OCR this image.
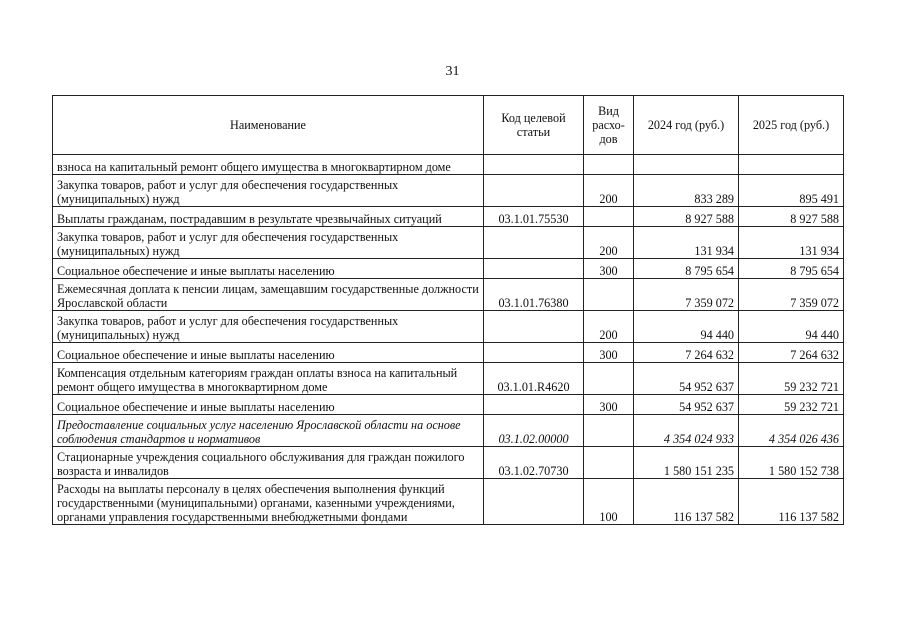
31
Наименование	Код целевой статьи	Вид расхо-дов	2024 год (руб.)	2025 год (руб.)
взноса на капитальный ремонт общего имущества в многоквартирном доме				
Закупка товаров, работ и услуг для обеспечения государственных (муниципальных) нужд		200	833 289	895 491
Выплаты гражданам, пострадавшим в результате чрезвычайных ситуаций	03.1.01.75530		8 927 588	8 927 588
Закупка товаров, работ и услуг для обеспечения государственных (муниципальных) нужд		200	131 934	131 934
Социальное обеспечение и иные выплаты населению		300	8 795 654	8 795 654
Ежемесячная доплата к пенсии лицам, замещавшим государственные должности Ярославской области	03.1.01.76380		7 359 072	7 359 072
Закупка товаров, работ и услуг для обеспечения государственных (муниципальных) нужд		200	94 440	94 440
Социальное обеспечение и иные выплаты населению		300	7 264 632	7 264 632
Компенсация отдельным категориям граждан оплаты взноса на капитальный ремонт общего имущества в многоквартирном доме	03.1.01.R4620		54 952 637	59 232 721
Социальное обеспечение и иные выплаты населению		300	54 952 637	59 232 721
Предоставление социальных услуг населению Ярославской области на основе соблюдения стандартов и нормативов	03.1.02.00000		4 354 024 933	4 354 026 436
Стационарные учреждения социального обслуживания для граждан пожилого возраста и инвалидов	03.1.02.70730		1 580 151 235	1 580 152 738
Расходы на выплаты персоналу в целях обеспечения выполнения функций государственными (муниципальными) органами, казенными учреждениями, органами управления государственными внебюджетными фондами		100	116 137 582	116 137 582
